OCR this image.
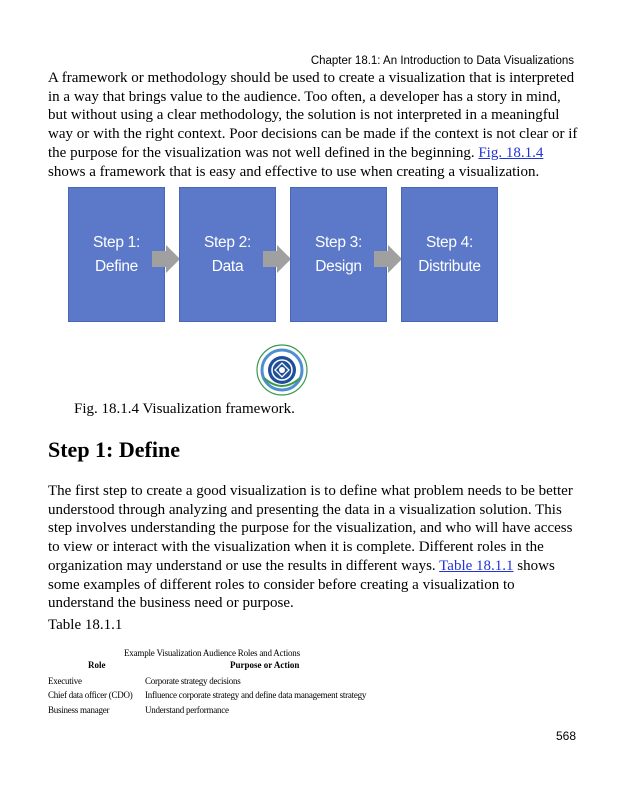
Chapter 18.1: An Introduction to Data Visualizations
A framework or methodology should be used to create a visualization that is interpreted in a way that brings value to the audience. Too often, a developer has a story in mind, but without using a clear methodology, the solution is not interpreted in a meaningful way or with the right context. Poor decisions can be made if the context is not clear or if the purpose for the visualization was not well defined in the beginning. Fig. 18.1.4 shows a framework that is easy and effective to use when creating a visualization.
Step 1:
Define
Step 2:
Data
Step 3:
Design
Step 4:
Distribute
Fig. 18.1.4 Visualization framework.
Step 1: Define
The first step to create a good visualization is to define what problem needs to be better understood through analyzing and presenting the data in a visualization solution. This step involves understanding the purpose for the visualization, and who will have access to view or interact with the visualization when it is complete. Different roles in the organization may understand or use the results in different ways. Table 18.1.1 shows some examples of different roles to consider before creating a visualization to understand the business need or purpose.
Table 18.1.1
Example Visualization Audience Roles and Actions
Role	Purpose or Action
Executive	Corporate strategy decisions
Chief data officer (CDO) Influence corporate strategy and define data management strategy
Business manager	Understand performance
568
